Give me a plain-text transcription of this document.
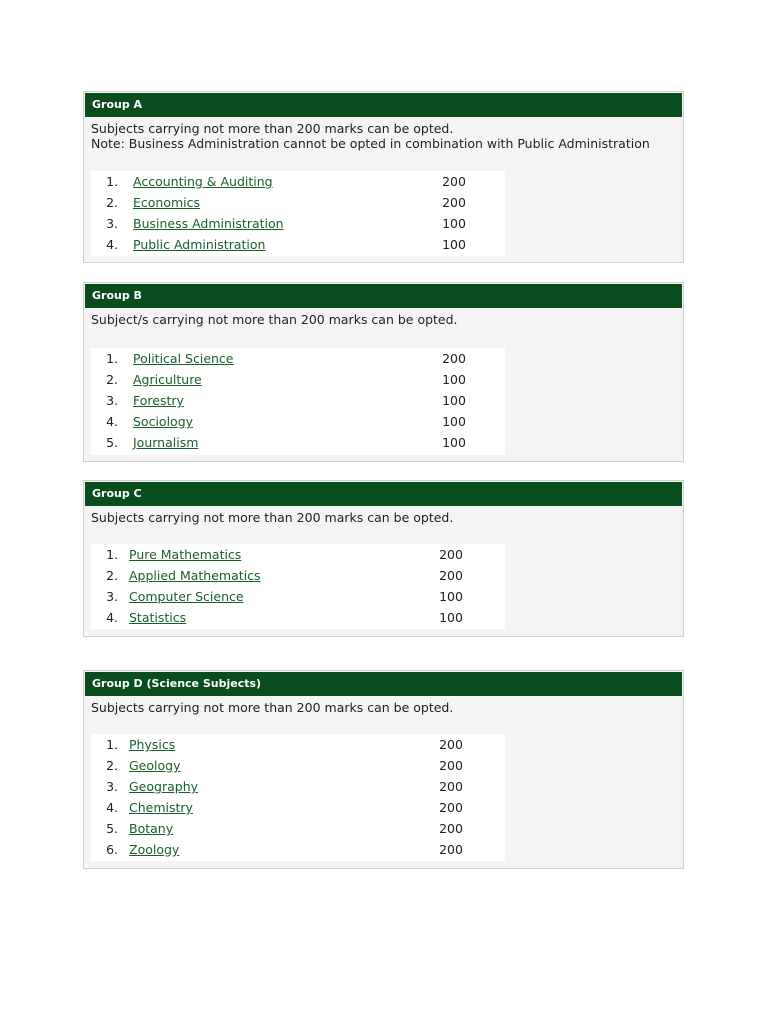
Group A
Subjects carrying not more than 200 marks can be opted.
Note: Business Administration cannot be opted in combination with Public Administration
1. Accounting & Auditing	200
2. Economics	200
3. Business Administration	100
4. Public Administration	100
Group B
Subject/s carrying not more than 200 marks can be opted.
1. Political Science	200
2. Agriculture	100
3. Forestry	100
4. Sociology	100
5. Journalism	100
Group C
Subjects carrying not more than 200 marks can be opted.
1. Pure Mathematics	200
2. Applied Mathematics	200
3. Computer Science	100
4. Statistics	100
Group D (Science Subjects)
Subjects carrying not more than 200 marks can be opted.
1. Physics	200
2. Geology	200
3. Geography	200
4. Chemistry	200
5. Botany	200
6. Zoology	200
